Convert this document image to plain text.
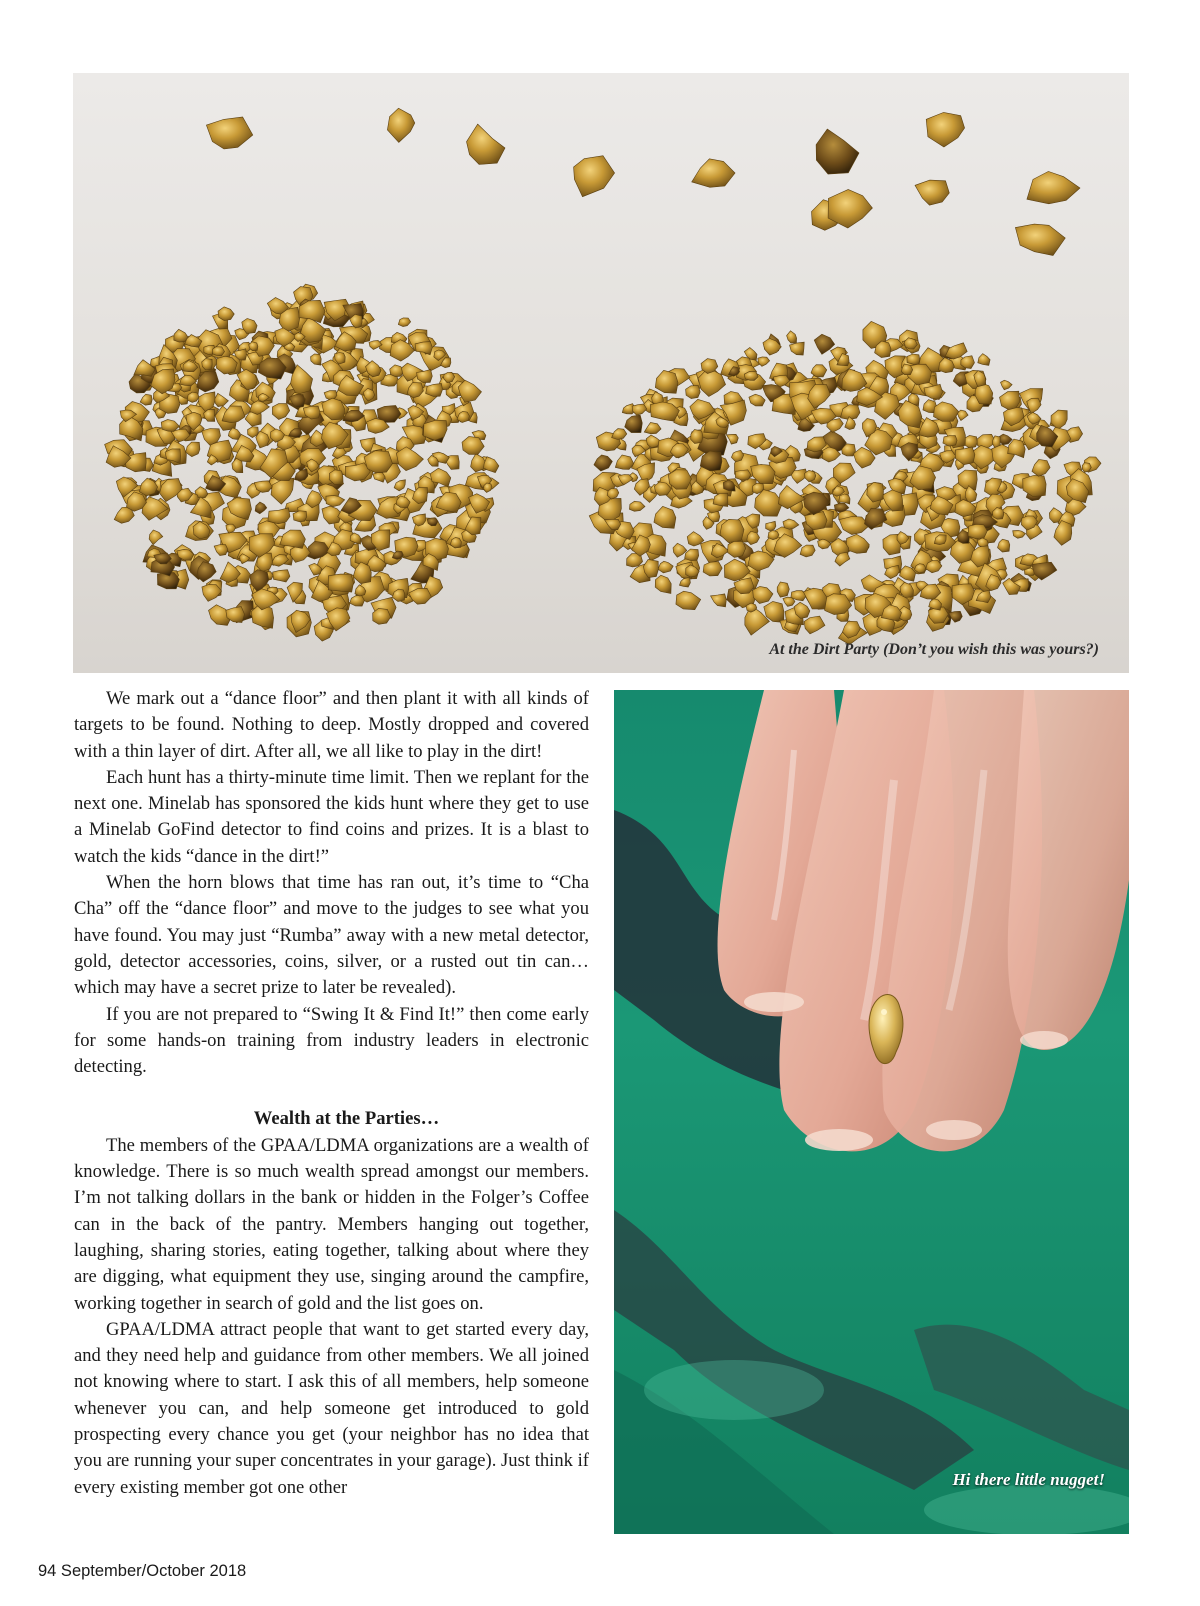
At the Dirt Party (Don’t you wish this was yours?)

We mark out a “dance floor” and then plant it with all kinds of targets to be found. Nothing to deep. Mostly dropped and covered with a thin layer of dirt. After all, we all like to play in the dirt!

Each hunt has a thirty-minute time limit. Then we replant for the next one. Minelab has sponsored the kids hunt where they get to use a Minelab GoFind detector to find coins and prizes. It is a blast to watch the kids “dance in the dirt!”

When the horn blows that time has ran out, it’s time to “Cha Cha” off the “dance floor” and move to the judges to see what you have found. You may just “Rumba” away with a new metal detector, gold, detector accessories, coins, silver, or a rusted out tin can…which may have a secret prize to later be revealed).

If you are not prepared to “Swing It & Find It!” then come early for some hands-on training from industry leaders in electronic detecting.

Wealth at the Parties…

The members of the GPAA/LDMA organizations are a wealth of knowledge. There is so much wealth spread amongst our members. I’m not talking dollars in the bank or hidden in the Folger’s Coffee can in the back of the pantry. Members hanging out together, laughing, sharing stories, eating together, talking about where they are digging, what equipment they use, singing around the campfire, working together in search of gold and the list goes on.

GPAA/LDMA attract people that want to get started every day, and they need help and guidance from other members. We all joined not knowing where to start. I ask this of all members, help someone whenever you can, and help someone get introduced to gold prospecting every chance you get (your neighbor has no idea that you are running your super concentrates in your garage). Just think if every existing member got one other	Hi there little nugget!
94 September/October 2018
